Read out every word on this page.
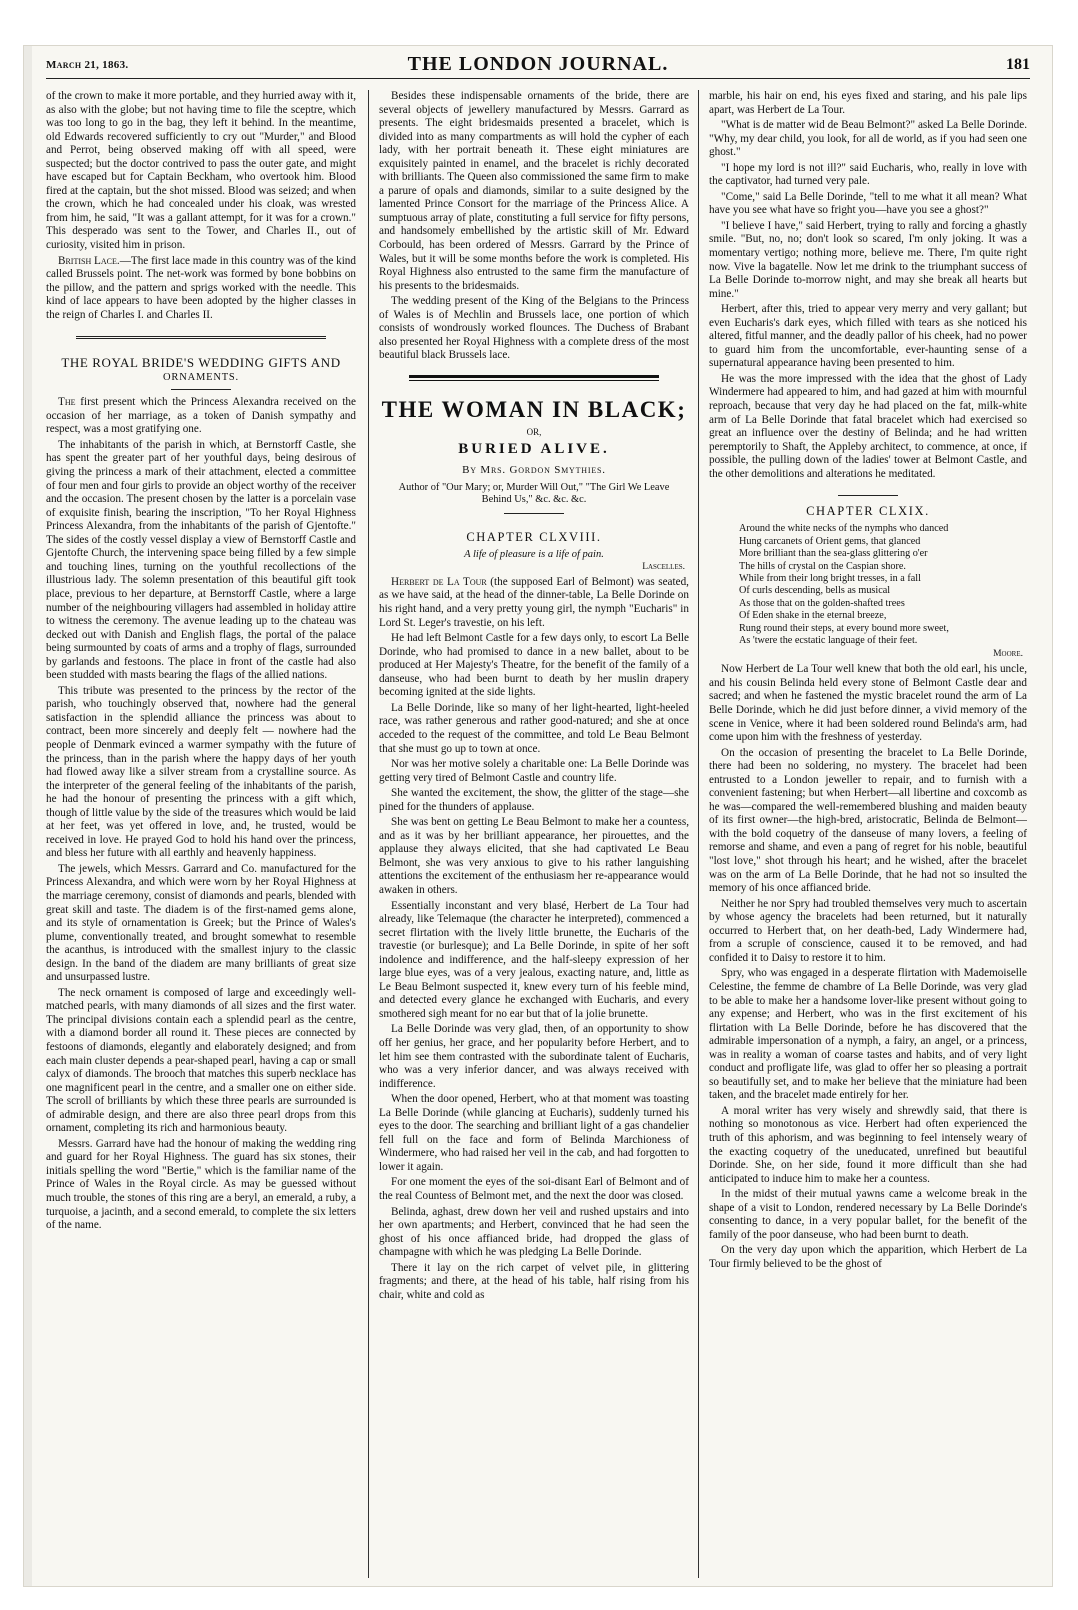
March 21, 1863.	THE LONDON JOURNAL.	181

of the crown to make it more portable, and they hurried away with it, as also with the globe; but not having time to file the sceptre, which was too long to go in the bag, they left it behind. In the meantime, old Edwards recovered sufficiently to cry out "Murder," and Blood and Perrot, being observed making off with all speed, were suspected; but the doctor contrived to pass the outer gate, and might have escaped but for Captain Beckham, who overtook him. Blood fired at the captain, but the shot missed. Blood was seized; and when the crown, which he had concealed under his cloak, was wrested from him, he said, "It was a gallant attempt, for it was for a crown." This desperado was sent to the Tower, and Charles II., out of curiosity, visited him in prison.

British Lace.—The first lace made in this country was of the kind called Brussels point. The net-work was formed by bone bobbins on the pillow, and the pattern and sprigs worked with the needle. This kind of lace appears to have been adopted by the higher classes in the reign of Charles I. and Charles II.

THE ROYAL BRIDE'S WEDDING GIFTS AND
ORNAMENTS.

The first present which the Princess Alexandra received on the occasion of her marriage, as a token of Danish sympathy and respect, was a most gratifying one.

The inhabitants of the parish in which, at Bernstorff Castle, she has spent the greater part of her youthful days, being desirous of giving the princess a mark of their attachment, elected a committee of four men and four girls to provide an object worthy of the receiver and the occasion. The present chosen by the latter is a porcelain vase of exquisite finish, bearing the inscription, "To her Royal Highness Princess Alexandra, from the inhabitants of the parish of Gjentofte." The sides of the costly vessel display a view of Bernstorff Castle and Gjentofte Church, the intervening space being filled by a few simple and touching lines, turning on the youthful recollections of the illustrious lady. The solemn presentation of this beautiful gift took place, previous to her departure, at Bernstorff Castle, where a large number of the neighbouring villagers had assembled in holiday attire to witness the ceremony. The avenue leading up to the chateau was decked out with Danish and English flags, the portal of the palace being surmounted by coats of arms and a trophy of flags, surrounded by garlands and festoons. The place in front of the castle had also been studded with masts bearing the flags of the allied nations.

This tribute was presented to the princess by the rector of the parish, who touchingly observed that, nowhere had the general satisfaction in the splendid alliance the princess was about to contract, been more sincerely and deeply felt — nowhere had the people of Denmark evinced a warmer sympathy with the future of the princess, than in the parish where the happy days of her youth had flowed away like a silver stream from a crystalline source. As the interpreter of the general feeling of the inhabitants of the parish, he had the honour of presenting the princess with a gift which, though of little value by the side of the treasures which would be laid at her feet, was yet offered in love, and, he trusted, would be received in love. He prayed God to hold his hand over the princess, and bless her future with all earthly and heavenly happiness.

The jewels, which Messrs. Garrard and Co. manufactured for the Princess Alexandra, and which were worn by her Royal Highness at the marriage ceremony, consist of diamonds and pearls, blended with great skill and taste. The diadem is of the first-named gems alone, and its style of ornamentation is Greek; but the Prince of Wales's plume, conventionally treated, and brought somewhat to resemble the acanthus, is introduced with the smallest injury to the classic design. In the band of the diadem are many brilliants of great size and unsurpassed lustre.

The neck ornament is composed of large and exceedingly well-matched pearls, with many diamonds of all sizes and the first water. The principal divisions contain each a splendid pearl as the centre, with a diamond border all round it. These pieces are connected by festoons of diamonds, elegantly and elaborately designed; and from each main cluster depends a pear-shaped pearl, having a cap or small calyx of diamonds. The brooch that matches this superb necklace has one magnificent pearl in the centre, and a smaller one on either side. The scroll of brilliants by which these three pearls are surrounded is of admirable design, and there are also three pearl drops from this ornament, completing its rich and harmonious beauty.

Messrs. Garrard have had the honour of making the wedding ring and guard for her Royal Highness. The guard has six stones, their initials spelling the word "Bertie," which is the familiar name of the Prince of Wales in the Royal circle. As may be guessed without much trouble, the stones of this ring are a beryl, an emerald, a ruby, a turquoise, a jacinth, and a second emerald, to complete the six letters of the name.

Besides these indispensable ornaments of the bride, there are several objects of jewellery manufactured by Messrs. Garrard as presents. The eight bridesmaids presented a bracelet, which is divided into as many compartments as will hold the cypher of each lady, with her portrait beneath it. These eight miniatures are exquisitely painted in enamel, and the bracelet is richly decorated with brilliants. The Queen also commissioned the same firm to make a parure of opals and diamonds, similar to a suite designed by the lamented Prince Consort for the marriage of the Princess Alice. A sumptuous array of plate, constituting a full service for fifty persons, and handsomely embellished by the artistic skill of Mr. Edward Corbould, has been ordered of Messrs. Garrard by the Prince of Wales, but it will be some months before the work is completed. His Royal Highness also entrusted to the same firm the manufacture of his presents to the bridesmaids.

The wedding present of the King of the Belgians to the Princess of Wales is of Mechlin and Brussels lace, one portion of which consists of wondrously worked flounces. The Duchess of Brabant also presented her Royal Highness with a complete dress of the most beautiful black Brussels lace.

THE WOMAN IN BLACK;
OR,
BURIED ALIVE.
By Mrs. Gordon Smythies.
Author of "Our Mary; or, Murder Will Out," "The Girl We Leave Behind Us," &c. &c. &c.
CHAPTER CLXVIII.
A life of pleasure is a life of pain.
Lascelles.

Herbert de La Tour (the supposed Earl of Belmont) was seated, as we have said, at the head of the dinner-table, La Belle Dorinde on his right hand, and a very pretty young girl, the nymph "Eucharis" in Lord St. Leger's travestie, on his left.

He had left Belmont Castle for a few days only, to escort La Belle Dorinde, who had promised to dance in a new ballet, about to be produced at Her Majesty's Theatre, for the benefit of the family of a danseuse, who had been burnt to death by her muslin drapery becoming ignited at the side lights.

La Belle Dorinde, like so many of her light-hearted, light-heeled race, was rather generous and rather good-natured; and she at once acceded to the request of the committee, and told Le Beau Belmont that she must go up to town at once.

Nor was her motive solely a charitable one: La Belle Dorinde was getting very tired of Belmont Castle and country life.

She wanted the excitement, the show, the glitter of the stage—she pined for the thunders of applause.

She was bent on getting Le Beau Belmont to make her a countess, and as it was by her brilliant appearance, her pirouettes, and the applause they always elicited, that she had captivated Le Beau Belmont, she was very anxious to give to his rather languishing attentions the excitement of the enthusiasm her re-appearance would awaken in others.

Essentially inconstant and very blasé, Herbert de La Tour had already, like Telemaque (the character he interpreted), commenced a secret flirtation with the lively little brunette, the Eucharis of the travestie (or burlesque); and La Belle Dorinde, in spite of her soft indolence and indifference, and the half-sleepy expression of her large blue eyes, was of a very jealous, exacting nature, and, little as Le Beau Belmont suspected it, knew every turn of his feeble mind, and detected every glance he exchanged with Eucharis, and every smothered sigh meant for no ear but that of la jolie brunette.

La Belle Dorinde was very glad, then, of an opportunity to show off her genius, her grace, and her popularity before Herbert, and to let him see them contrasted with the subordinate talent of Eucharis, who was a very inferior dancer, and was always received with indifference.

When the door opened, Herbert, who at that moment was toasting La Belle Dorinde (while glancing at Eucharis), suddenly turned his eyes to the door. The searching and brilliant light of a gas chandelier fell full on the face and form of Belinda Marchioness of Windermere, who had raised her veil in the cab, and had forgotten to lower it again.

For one moment the eyes of the soi-disant Earl of Belmont and of the real Countess of Belmont met, and the next the door was closed.

Belinda, aghast, drew down her veil and rushed upstairs and into her own apartments; and Herbert, convinced that he had seen the ghost of his once affianced bride, had dropped the glass of champagne with which he was pledging La Belle Dorinde.

There it lay on the rich carpet of velvet pile, in glittering fragments; and there, at the head of his table, half rising from his chair, white and cold as

marble, his hair on end, his eyes fixed and staring, and his pale lips apart, was Herbert de La Tour.

"What is de matter wid de Beau Belmont?" asked La Belle Dorinde. "Why, my dear child, you look, for all de world, as if you had seen one ghost."

"I hope my lord is not ill?" said Eucharis, who, really in love with the captivator, had turned very pale.

"Come," said La Belle Dorinde, "tell to me what it all mean? What have you see what have so fright you—have you see a ghost?"

"I believe I have," said Herbert, trying to rally and forcing a ghastly smile. "But, no, no; don't look so scared, I'm only joking. It was a momentary vertigo; nothing more, believe me. There, I'm quite right now. Vive la bagatelle. Now let me drink to the triumphant success of La Belle Dorinde to-morrow night, and may she break all hearts but mine."

Herbert, after this, tried to appear very merry and very gallant; but even Eucharis's dark eyes, which filled with tears as she noticed his altered, fitful manner, and the deadly pallor of his cheek, had no power to guard him from the uncomfortable, ever-haunting sense of a supernatural appearance having been presented to him.

He was the more impressed with the idea that the ghost of Lady Windermere had appeared to him, and had gazed at him with mournful reproach, because that very day he had placed on the fat, milk-white arm of La Belle Dorinde that fatal bracelet which had exercised so great an influence over the destiny of Belinda; and he had written peremptorily to Shaft, the Appleby architect, to commence, at once, if possible, the pulling down of the ladies' tower at Belmont Castle, and the other demolitions and alterations he meditated.

CHAPTER CLXIX.
Around the white necks of the nymphs who danced
Hung carcanets of Orient gems, that glanced
More brilliant than the sea-glass glittering o'er
The hills of crystal on the Caspian shore.
While from their long bright tresses, in a fall
Of curls descending, bells as musical
As those that on the golden-shafted trees
Of Eden shake in the eternal breeze,
Rung round their steps, at every bound more sweet,
As 'twere the ecstatic language of their feet.
Moore.

Now Herbert de La Tour well knew that both the old earl, his uncle, and his cousin Belinda held every stone of Belmont Castle dear and sacred; and when he fastened the mystic bracelet round the arm of La Belle Dorinde, which he did just before dinner, a vivid memory of the scene in Venice, where it had been soldered round Belinda's arm, had come upon him with the freshness of yesterday.

On the occasion of presenting the bracelet to La Belle Dorinde, there had been no soldering, no mystery. The bracelet had been entrusted to a London jeweller to repair, and to furnish with a convenient fastening; but when Herbert—all libertine and coxcomb as he was—compared the well-remembered blushing and maiden beauty of its first owner—the high-bred, aristocratic, Belinda de Belmont—with the bold coquetry of the danseuse of many lovers, a feeling of remorse and shame, and even a pang of regret for his noble, beautiful "lost love," shot through his heart; and he wished, after the bracelet was on the arm of La Belle Dorinde, that he had not so insulted the memory of his once affianced bride.

Neither he nor Spry had troubled themselves very much to ascertain by whose agency the bracelets had been returned, but it naturally occurred to Herbert that, on her death-bed, Lady Windermere had, from a scruple of conscience, caused it to be removed, and had confided it to Daisy to restore it to him.

Spry, who was engaged in a desperate flirtation with Mademoiselle Celestine, the femme de chambre of La Belle Dorinde, was very glad to be able to make her a handsome lover-like present without going to any expense; and Herbert, who was in the first excitement of his flirtation with La Belle Dorinde, before he has discovered that the admirable impersonation of a nymph, a fairy, an angel, or a princess, was in reality a woman of coarse tastes and habits, and of very light conduct and profligate life, was glad to offer her so pleasing a portrait so beautifully set, and to make her believe that the miniature had been taken, and the bracelet made entirely for her.

A moral writer has very wisely and shrewdly said, that there is nothing so monotonous as vice. Herbert had often experienced the truth of this aphorism, and was beginning to feel intensely weary of the exacting coquetry of the uneducated, unrefined but beautiful Dorinde. She, on her side, found it more difficult than she had anticipated to induce him to make her a countess.

In the midst of their mutual yawns came a welcome break in the shape of a visit to London, rendered necessary by La Belle Dorinde's consenting to dance, in a very popular ballet, for the benefit of the family of the poor danseuse, who had been burnt to death.

On the very day upon which the apparition, which Herbert de La Tour firmly believed to be the ghost of
